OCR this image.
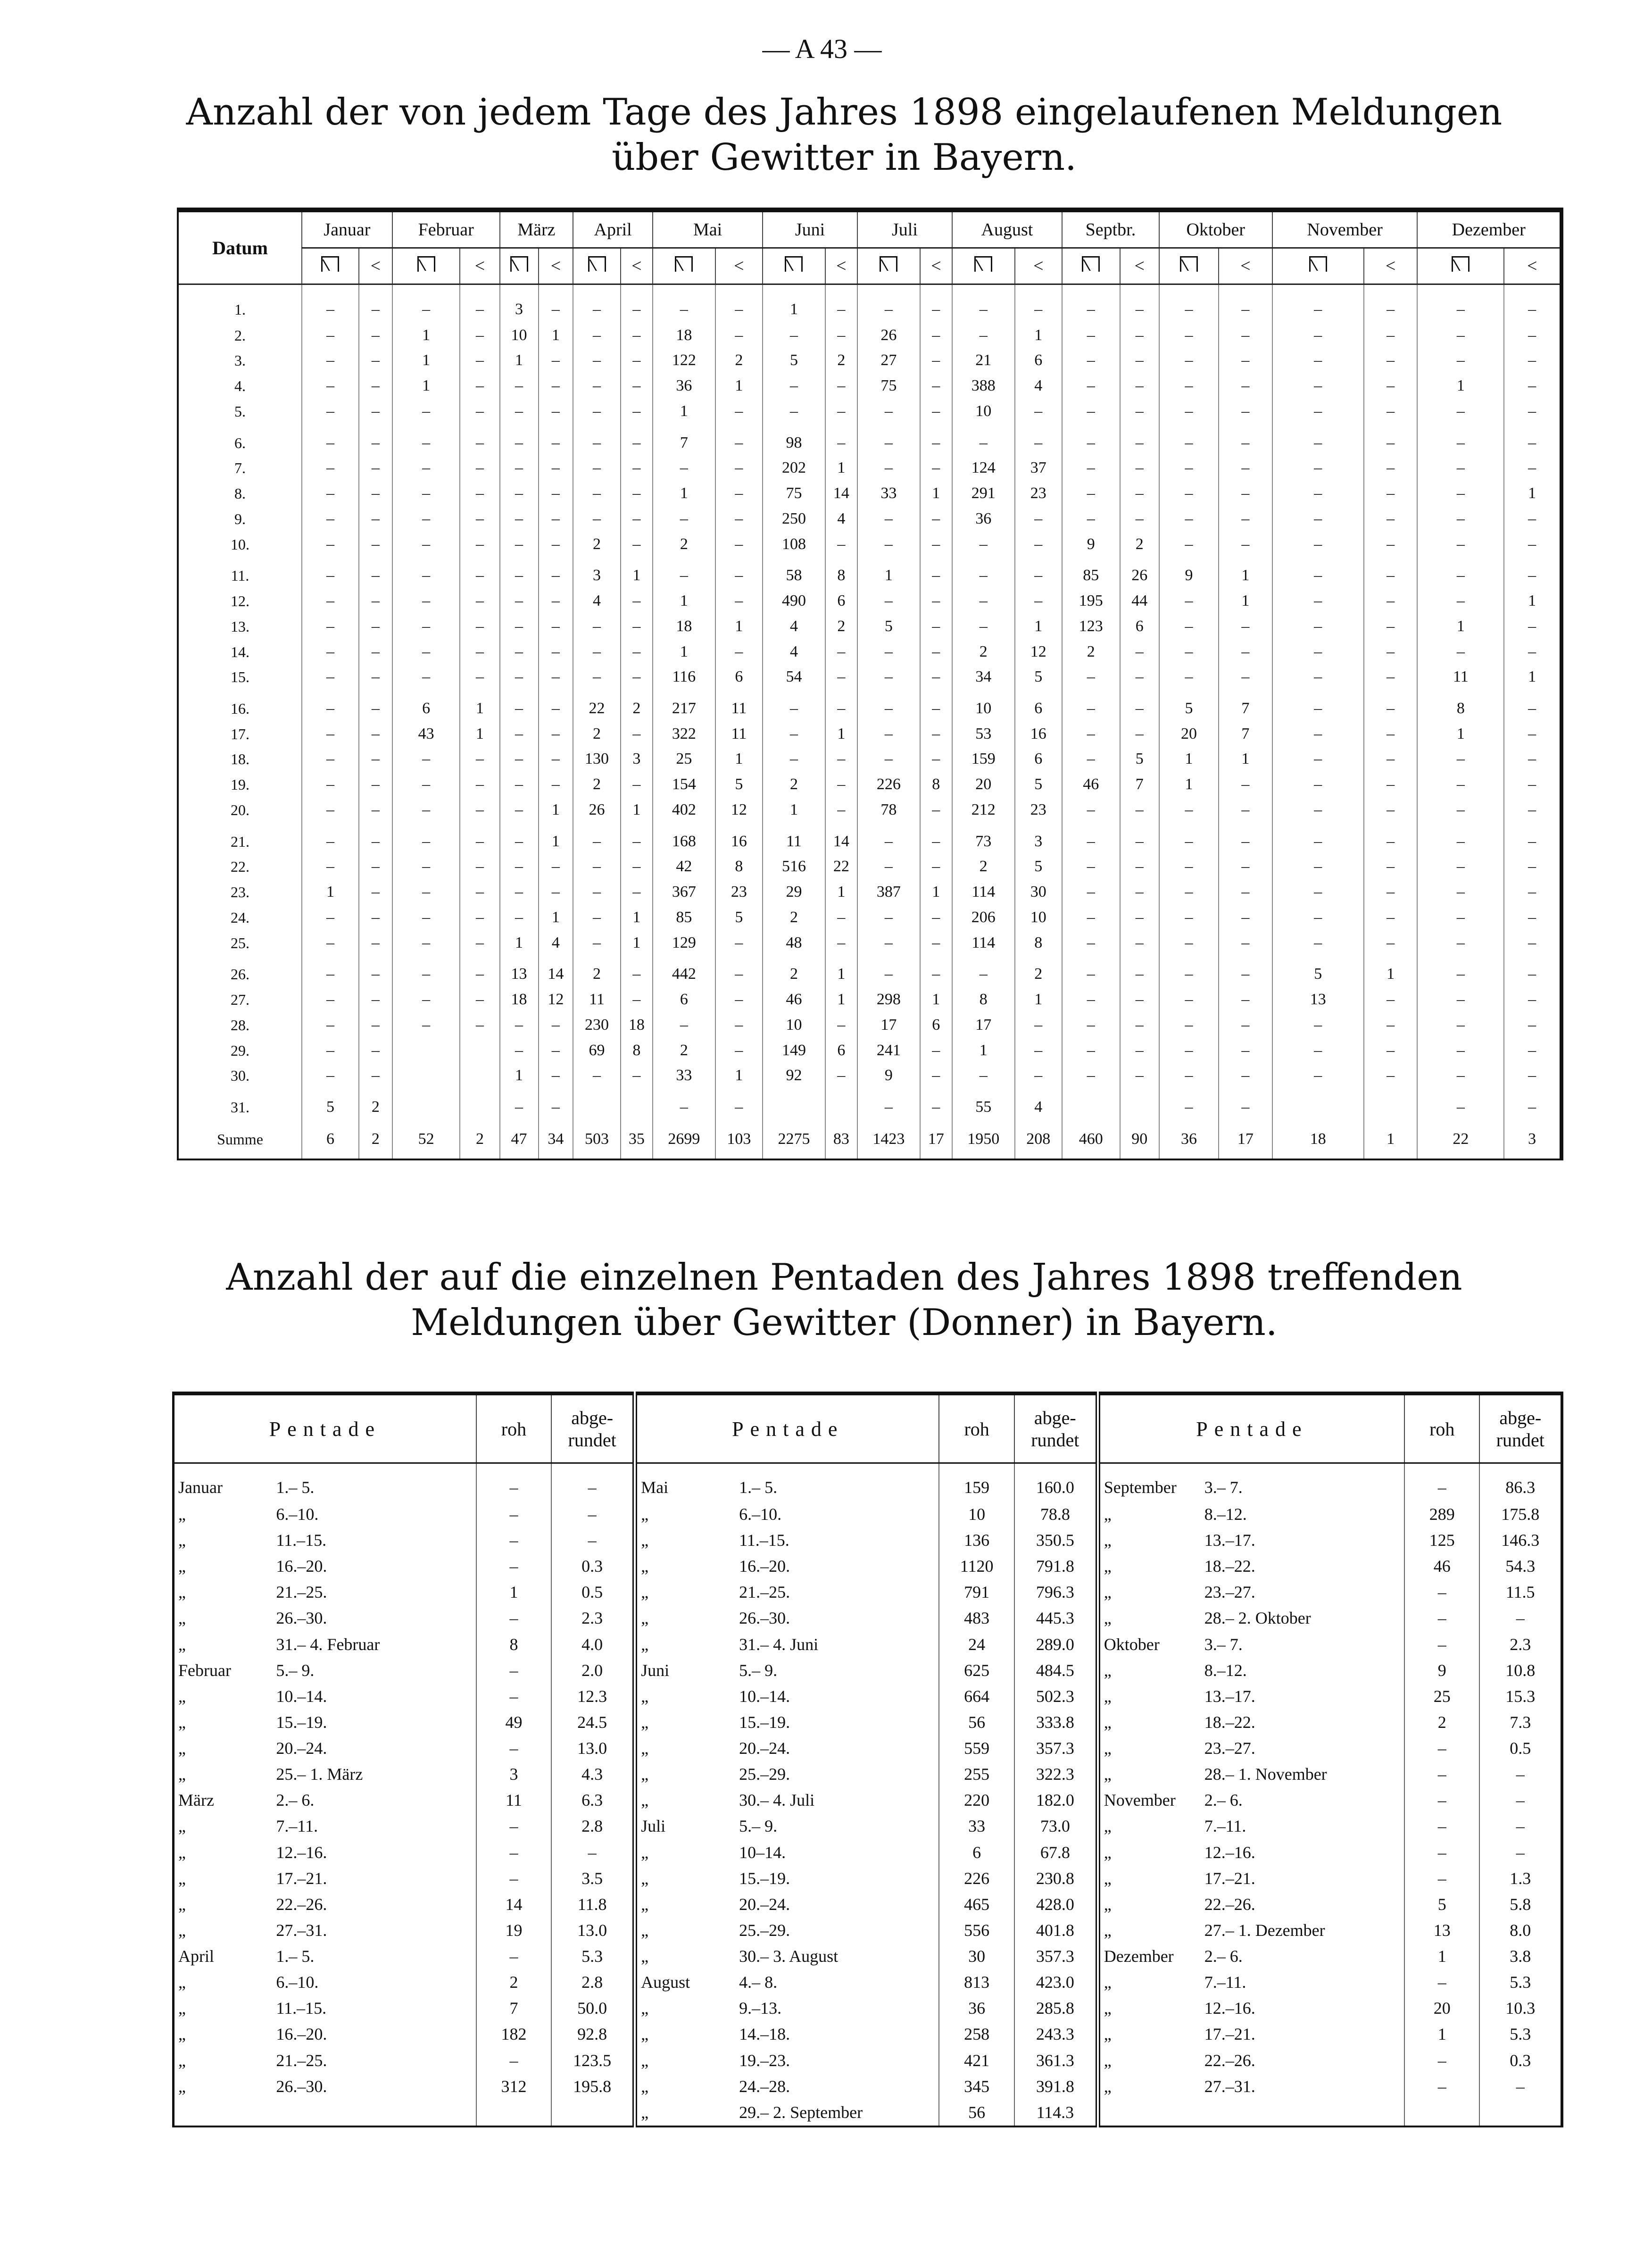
— A 43 —
Anzahl der von jedem Tage des Jahres 1898 eingelaufenen Meldungen über Gewitter in Bayern.
Datum	Januar		Februar		März		April		Mai		Juni		Juli		August		Septbr.		Oktober		November		Dezember	
		<		<		<		<		<		<		<		<		<		<		<		<
1.	–	–	–	–	3	–	–	–	–	–	1	–	–	–	–	–	–	–	–	–	–	–	–	–
2.	–	–	1	–	10	1	–	–	18	–	–	–	26	–	–	1	–	–	–	–	–	–	–	–
3.	–	–	1	–	1	–	–	–	122	2	5	2	27	–	21	6	–	–	–	–	–	–	–	–
4.	–	–	1	–	–	–	–	–	36	1	–	–	75	–	388	4	–	–	–	–	–	–	1	–
5.	–	–	–	–	–	–	–	–	1	–	–	–	–	–	10	–	–	–	–	–	–	–	–	–

6.	–	–	–	–	–	–	–	–	7	–	98	–	–	–	–	–	–	–	–	–	–	–	–	–
7.	–	–	–	–	–	–	–	–	–	–	202	1	–	–	124	37	–	–	–	–	–	–	–	–
8.	–	–	–	–	–	–	–	–	1	–	75	14	33	1	291	23	–	–	–	–	–	–	–	1
9.	–	–	–	–	–	–	–	–	–	–	250	4	–	–	36	–	–	–	–	–	–	–	–	–
10.	–	–	–	–	–	–	2	–	2	–	108	–	–	–	–	–	9	2	–	–	–	–	–	–

11.	–	–	–	–	–	–	3	1	–	–	58	8	1	–	–	–	85	26	9	1	–	–	–	–
12.	–	–	–	–	–	–	4	–	1	–	490	6	–	–	–	–	195	44	–	1	–	–	–	1
13.	–	–	–	–	–	–	–	–	18	1	4	2	5	–	–	1	123	6	–	–	–	–	1	–
14.	–	–	–	–	–	–	–	–	1	–	4	–	–	–	2	12	2	–	–	–	–	–	–	–
15.	–	–	–	–	–	–	–	–	116	6	54	–	–	–	34	5	–	–	–	–	–	–	11	1

16.	–	–	6	1	–	–	22	2	217	11	–	–	–	–	10	6	–	–	5	7	–	–	8	–
17.	–	–	43	1	–	–	2	–	322	11	–	1	–	–	53	16	–	–	20	7	–	–	1	–
18.	–	–	–	–	–	–	130	3	25	1	–	–	–	–	159	6	–	5	1	1	–	–	–	–
19.	–	–	–	–	–	–	2	–	154	5	2	–	226	8	20	5	46	7	1	–	–	–	–	–
20.	–	–	–	–	–	1	26	1	402	12	1	–	78	–	212	23	–	–	–	–	–	–	–	–

21.	–	–	–	–	–	1	–	–	168	16	11	14	–	–	73	3	–	–	–	–	–	–	–	–
22.	–	–	–	–	–	–	–	–	42	8	516	22	–	–	2	5	–	–	–	–	–	–	–	–
23.	1	–	–	–	–	–	–	–	367	23	29	1	387	1	114	30	–	–	–	–	–	–	–	–
24.	–	–	–	–	–	1	–	1	85	5	2	–	–	–	206	10	–	–	–	–	–	–	–	–
25.	–	–	–	–	1	4	–	1	129	–	48	–	–	–	114	8	–	–	–	–	–	–	–	–

26.	–	–	–	–	13	14	2	–	442	–	2	1	–	–	–	2	–	–	–	–	5	1	–	–
27.	–	–	–	–	18	12	11	–	6	–	46	1	298	1	8	1	–	–	–	–	13	–	–	–
28.	–	–	–	–	–	–	230	18	–	–	10	–	17	6	17	–	–	–	–	–	–	–	–	–
29.	–	–			–	–	69	8	2	–	149	6	241	–	1	–	–	–	–	–	–	–	–	–
30.	–	–			1	–	–	–	33	1	92	–	9	–	–	–	–	–	–	–	–	–	–	–

31.	5	2			–	–			–	–			–	–	55	4			–	–			–	–
Summe	6	2	52	2	47	34	503	35	2699	103	2275	83	1423	17	1950	208	460	90	36	17	18	1	22	3
Anzahl der auf die einzelnen Pentaden des Jahres 1898 treffenden Meldungen über Gewitter (Donner) in Bayern.
Pentade		roh	abge-rundet	Pentade		roh	abge-rundet	Pentade		roh	abge-rundet
Januar	1.– 5.	–	–	Mai	1.– 5.	159	160.0	September	3.– 7.	–	86.3
„	6.–10.	–	–	„	6.–10.	10	78.8	„	8.–12.	289	175.8
„	11.–15.	–	–	„	11.–15.	136	350.5	„	13.–17.	125	146.3
„	16.–20.	–	0.3	„	16.–20.	1120	791.8	„	18.–22.	46	54.3
„	21.–25.	1	0.5	„	21.–25.	791	796.3	„	23.–27.	–	11.5
„	26.–30.	–	2.3	„	26.–30.	483	445.3	„	28.– 2. Oktober	–	–
„	31.– 4. Februar	8	4.0	„	31.– 4. Juni	24	289.0	Oktober	3.– 7.	–	2.3
Februar	5.– 9.	–	2.0	Juni	5.– 9.	625	484.5	„	8.–12.	9	10.8
„	10.–14.	–	12.3	„	10.–14.	664	502.3	„	13.–17.	25	15.3
„	15.–19.	49	24.5	„	15.–19.	56	333.8	„	18.–22.	2	7.3
„	20.–24.	–	13.0	„	20.–24.	559	357.3	„	23.–27.	–	0.5
„	25.– 1. März	3	4.3	„	25.–29.	255	322.3	„	28.– 1. November	–	–
März	2.– 6.	11	6.3	„	30.– 4. Juli	220	182.0	November	2.– 6.	–	–
„	7.–11.	–	2.8	Juli	5.– 9.	33	73.0	„	7.–11.	–	–
„	12.–16.	–	–	„	10–14.	6	67.8	„	12.–16.	–	–
„	17.–21.	–	3.5	„	15.–19.	226	230.8	„	17.–21.	–	1.3
„	22.–26.	14	11.8	„	20.–24.	465	428.0	„	22.–26.	5	5.8
„	27.–31.	19	13.0	„	25.–29.	556	401.8	„	27.– 1. Dezember	13	8.0
April	1.– 5.	–	5.3	„	30.– 3. August	30	357.3	Dezember	2.– 6.	1	3.8
„	6.–10.	2	2.8	August	4.– 8.	813	423.0	„	7.–11.	–	5.3
„	11.–15.	7	50.0	„	9.–13.	36	285.8	„	12.–16.	20	10.3
„	16.–20.	182	92.8	„	14.–18.	258	243.3	„	17.–21.	1	5.3
„	21.–25.	–	123.5	„	19.–23.	421	361.3	„	22.–26.	–	0.3
„	26.–30.	312	195.8	„	24.–28.	345	391.8	„	27.–31.	–	–
				„	29.– 2. September	56	114.3				
